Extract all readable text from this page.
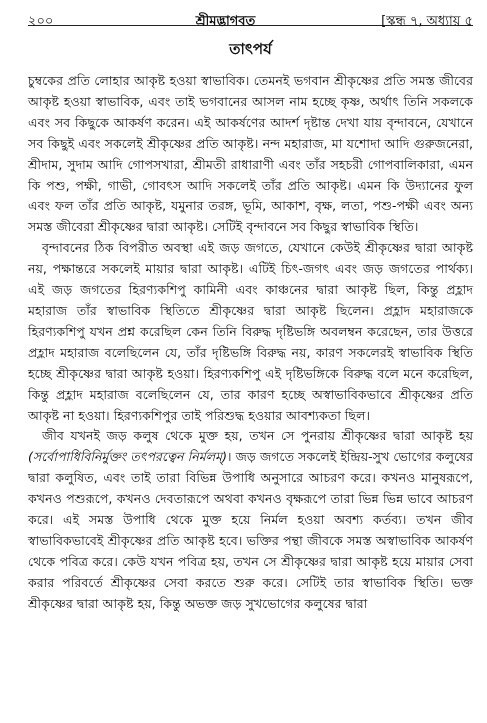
২০০	শ্রীমদ্ভাগবত	[স্কন্ধ ৭, অধ্যায় ৫
তাৎপর্য

চুম্বকের প্রতি লোহার আকৃষ্ট হওয়া স্বাভাবিক। তেমনই ভগবান শ্রীকৃষ্ণের প্রতি সমস্ত জীবের আকৃষ্ট হওয়া স্বাভাবিক, এবং তাই ভগবানের আসল নাম হচ্ছে কৃষ্ণ, অর্থাৎ তিনি সকলকে এবং সব কিছুকে আকর্ষণ করেন। এই আকর্ষণের আদর্শ দৃষ্টান্ত দেখা যায় বৃন্দাবনে, যেখানে সব কিছুই এবং সকলেই শ্রীকৃষ্ণের প্রতি আকৃষ্ট। নন্দ মহারাজ, মা যশোদা আদি গুরুজনেরা, শ্রীদাম, সুদাম আদি গোপসখারা, শ্রীমতী রাধারাণী এবং তাঁর সহচরী গোপবালিকারা, এমন কি পশু, পক্ষী, গাভী, গোবৎস আদি সকলেই তাঁর প্রতি আকৃষ্ট। এমন কি উদ্যানের ফুল এবং ফল তাঁর প্রতি আকৃষ্ট, যমুনার তরঙ্গ, ভূমি, আকাশ, বৃক্ষ, লতা, পশু-পক্ষী এবং অন্য সমস্ত জীবেরা শ্রীকৃষ্ণের দ্বারা আকৃষ্ট। সেটিই বৃন্দাবনে সব কিছুর স্বাভাবিক স্থিতি।

বৃন্দাবনের ঠিক বিপরীত অবস্থা এই জড় জগতে, যেখানে কেউই শ্রীকৃষ্ণের দ্বারা আকৃষ্ট নয়, পক্ষান্তরে সকলেই মায়ার দ্বারা আকৃষ্ট। এটিই চিৎ-জগৎ এবং জড় জগতের পার্থক্য। এই জড় জগতের হিরণ্যকশিপু কামিনী এবং কাঞ্চনের দ্বারা আকৃষ্ট ছিল, কিন্তু প্রহ্লাদ মহারাজ তাঁর স্বাভাবিক স্থিতিতে শ্রীকৃষ্ণের দ্বারা আকৃষ্ট ছিলেন। প্রহ্লাদ মহারাজকে হিরণ্যকশিপু যখন প্রশ্ন করেছিল কেন তিনি বিরুদ্ধ দৃষ্টিভঙ্গি অবলম্বন করেছেন, তার উত্তরে প্রহ্লাদ মহারাজ বলেছিলেন যে, তাঁর দৃষ্টিভঙ্গি বিরুদ্ধ নয়, কারণ সকলেরই স্বাভাবিক স্থিতি হচ্ছে শ্রীকৃষ্ণের দ্বারা আকৃষ্ট হওয়া। হিরণ্যকশিপু এই দৃষ্টিভঙ্গিকে বিরুদ্ধ বলে মনে করেছিল, কিন্তু প্রহ্লাদ মহারাজ বলেছিলেন যে, তার কারণ হচ্ছে অস্বাভাবিকভাবে শ্রীকৃষ্ণের প্রতি আকৃষ্ট না হওয়া। হিরণ্যকশিপুর তাই পরিশুদ্ধ হওয়ার আবশ্যকতা ছিল।

জীব যখনই জড় কলুষ থেকে মুক্ত হয়, তখন সে পুনরায় শ্রীকৃষ্ণের দ্বারা আকৃষ্ট হয় (সর্বোপাধিবিনির্মুক্তং তৎপরত্বেন নির্মলম্)। জড় জগতে সকলেই ইন্দ্রিয়-সুখ ভোগের কলুষের দ্বারা কলুষিত, এবং তাই তারা বিভিন্ন উপাধি অনুসারে আচরণ করে। কখনও মানুষরূপে, কখনও পশুরূপে, কখনও দেবতারূপে অথবা কখনও বৃক্ষরূপে তারা ভিন্ন ভিন্ন ভাবে আচরণ করে। এই সমস্ত উপাধি থেকে মুক্ত হয়ে নির্মল হওয়া অবশ্য কর্তব্য। তখন জীব স্বাভাবিকভাবেই শ্রীকৃষ্ণের প্রতি আকৃষ্ট হবে। ভক্তির পন্থা জীবকে সমস্ত অস্বাভাবিক আকর্ষণ থেকে পবিত্র করে। কেউ যখন পবিত্র হয়, তখন সে শ্রীকৃষ্ণের দ্বারা আকৃষ্ট হয়ে মায়ার সেবা করার পরিবর্তে শ্রীকৃষ্ণের সেবা করতে শুরু করে। সেটিই তার স্বাভাবিক স্থিতি। ভক্ত শ্রীকৃষ্ণের দ্বারা আকৃষ্ট হয়, কিন্তু অভক্ত জড় সুখভোগের কলুষের দ্বারা
